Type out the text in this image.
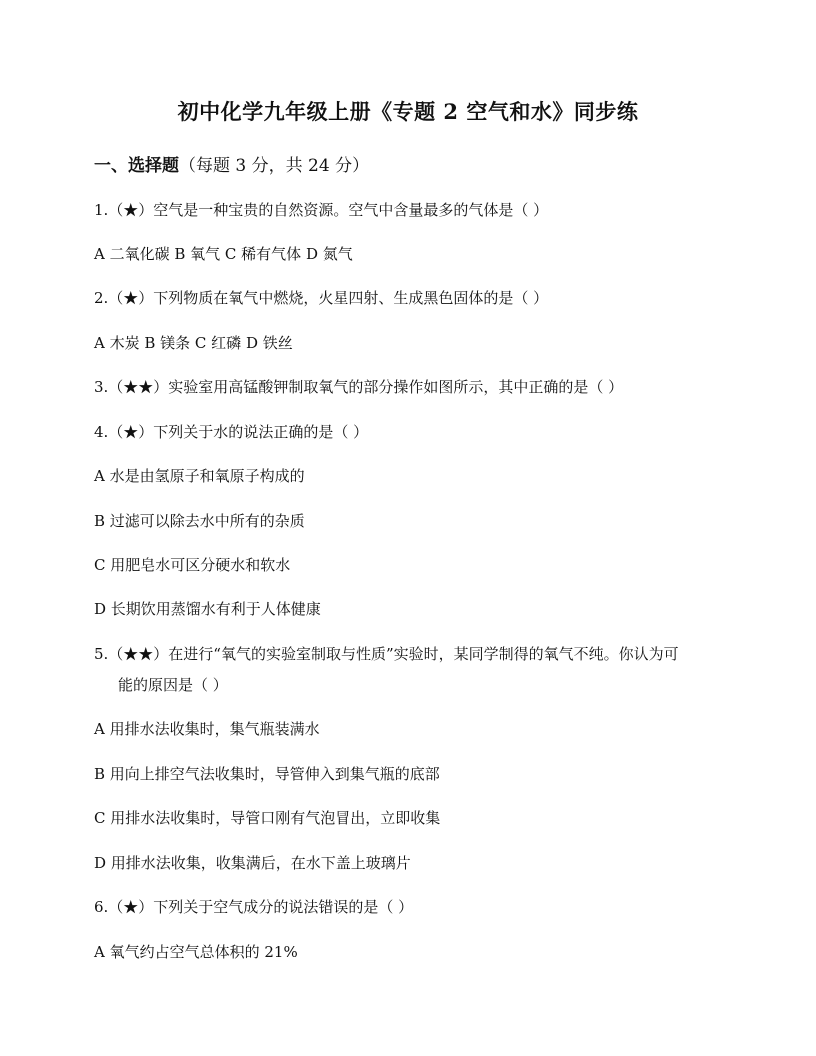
初中化学九年级上册《专题 2 空气和水》同步练
一、选择题（每题 3 分，共 24 分）
1.（★）空气是一种宝贵的自然资源。空气中含量最多的气体是（ ）
A 二氧化碳 B 氧气 C 稀有气体 D 氮气
2.（★）下列物质在氧气中燃烧，火星四射、生成黑色固体的是（ ）
A 木炭 B 镁条 C 红磷 D 铁丝
3.（★★）实验室用高锰酸钾制取氧气的部分操作如图所示，其中正确的是（ ）
4.（★）下列关于水的说法正确的是（ ）
A 水是由氢原子和氧原子构成的
B 过滤可以除去水中所有的杂质
C 用肥皂水可区分硬水和软水
D 长期饮用蒸馏水有利于人体健康
5.（★★）在进行“氧气的实验室制取与性质”实验时，某同学制得的氧气不纯。你认为可
能的原因是（ ）
A 用排水法收集时，集气瓶装满水
B 用向上排空气法收集时，导管伸入到集气瓶的底部
C 用排水法收集时，导管口刚有气泡冒出，立即收集
D 用排水法收集，收集满后，在水下盖上玻璃片
6.（★）下列关于空气成分的说法错误的是（ ）
A 氧气约占空气总体积的 21%
